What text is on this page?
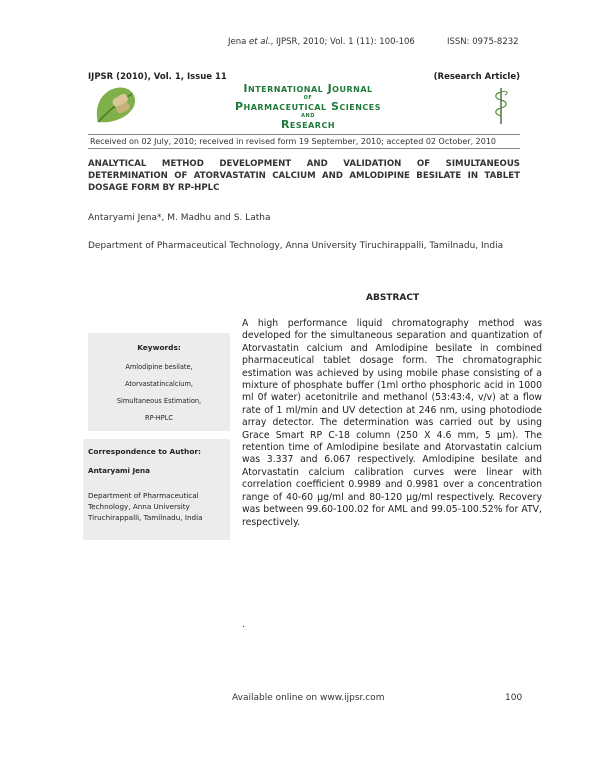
Jena et al., IJPSR, 2010; Vol. 1 (11): 100-106	ISSN: 0975-8232
IJPSR (2010), Vol. 1, Issue 11	(Research Article)
International Journal
of
Pharmaceutical Sciences
and
Research
Received on 02 July, 2010; received in revised form 19 September, 2010; accepted 02 October, 2010
ANALYTICAL METHOD DEVELOPMENT AND VALIDATION OF SIMULTANEOUS DETERMINATION OF ATORVASTATIN CALCIUM AND AMLODIPINE BESILATE IN TABLET DOSAGE FORM BY RP-HPLC
Antaryami Jena*, M. Madhu and S. Latha
Department of Pharmaceutical Technology, Anna University Tiruchirappalli, Tamilnadu, India
ABSTRACT
Keywords:
Amlodipine besilate,
Atorvastatincalcium,
Simultaneous Estimation,
RP-HPLC
Correspondence to Author:
Antaryami Jena
Department of Pharmaceutical Technology, Anna University Tiruchirappalli, Tamilnadu, India
A high performance liquid chromatography method was developed for the simultaneous separation and quantization of Atorvastatin calcium and Amlodipine besilate in combined pharmaceutical tablet dosage form. The chromatographic estimation was achieved by using mobile phase consisting of a mixture of phosphate buffer (1ml ortho phosphoric acid in 1000 ml 0f water) acetonitrile and methanol (53:43:4, v/v) at a flow rate of 1 ml/min and UV detection at 246 nm, using photodiode array detector. The determination was carried out by using Grace Smart RP C-18 column (250 X 4.6 mm, 5 µm). The retention time of Amlodipine besilate and Atorvastatin calcium was 3.337 and 6.067 respectively. Amlodipine besilate and Atorvastatin calcium calibration curves were linear with correlation coefficient 0.9989 and 0.9981 over a concentration range of 40-60 µg/ml and 80-120 µg/ml respectively. Recovery was between 99.60-100.02 for AML and 99.05-100.52% for ATV, respectively.
.
Available online on www.ijpsr.com	100
